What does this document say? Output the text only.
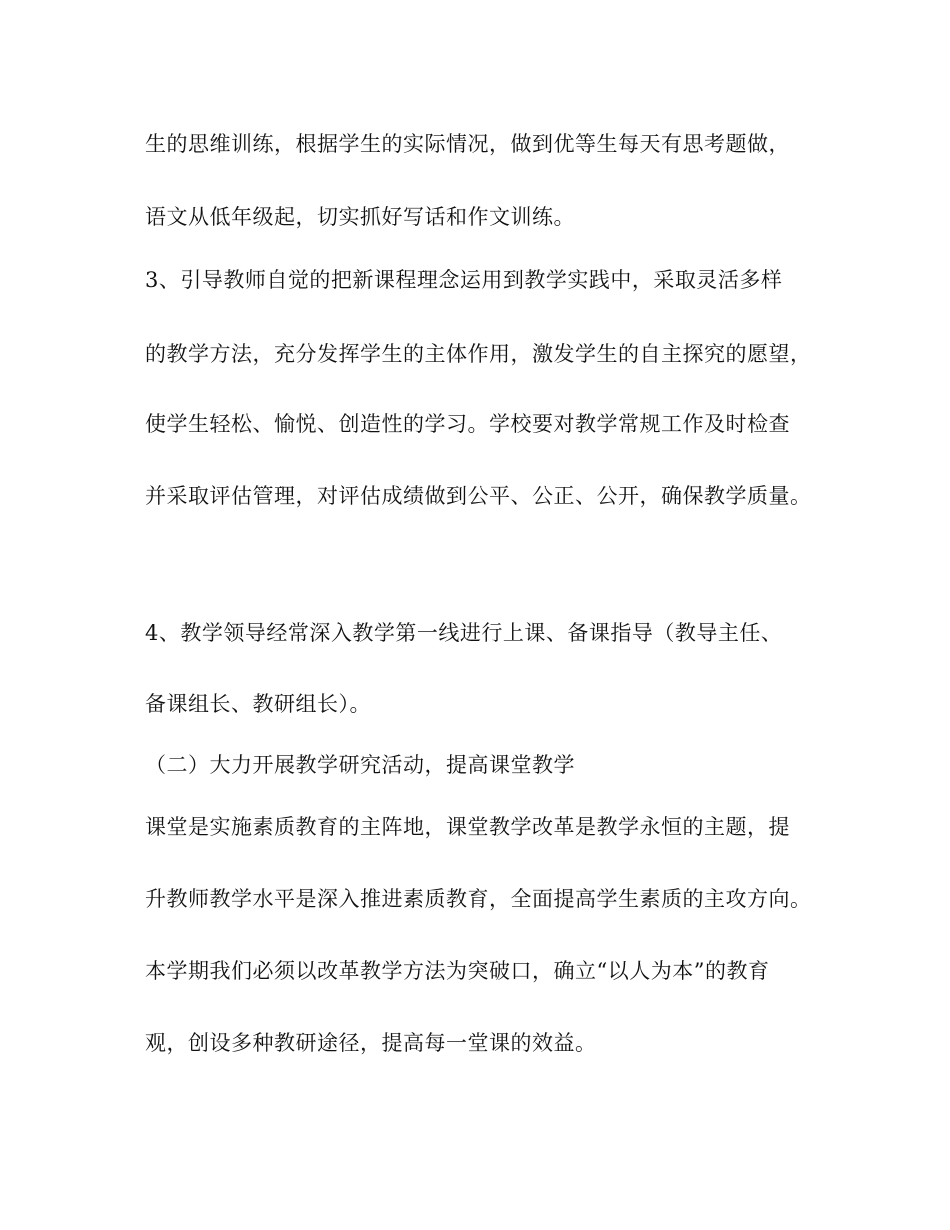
生的思维训练，根据学生的实际情况，做到优等生每天有思考题做，
语文从低年级起，切实抓好写话和作文训练。
3、引导教师自觉的把新课程理念运用到教学实践中，采取灵活多样
的教学方法，充分发挥学生的主体作用，激发学生的自主探究的愿望，
使学生轻松、愉悦、创造性的学习。学校要对教学常规工作及时检查
并采取评估管理，对评估成绩做到公平、公正、公开，确保教学质量。
4、教学领导经常深入教学第一线进行上课、备课指导（教导主任、
备课组长、教研组长）。
（二）大力开展教学研究活动，提高课堂教学
课堂是实施素质教育的主阵地，课堂教学改革是教学永恒的主题，提
升教师教学水平是深入推进素质教育，全面提高学生素质的主攻方向。
本学期我们必须以改革教学方法为突破口，确立“以人为本”的教育
观，创设多种教研途径，提高每一堂课的效益。
